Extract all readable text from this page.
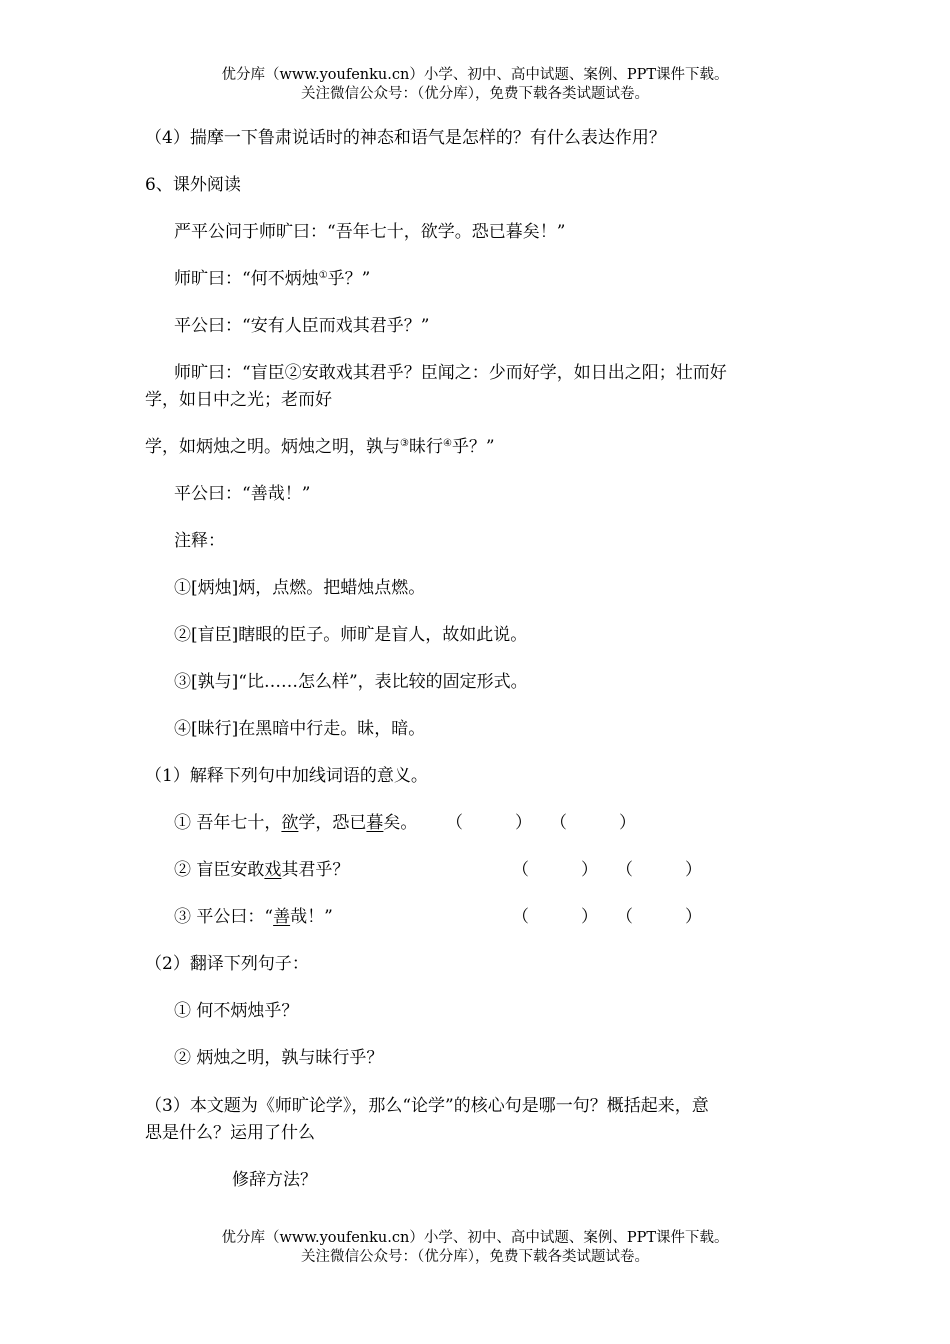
优分库（www.youfenku.cn）小学、初中、高中试题、案例、PPT课件下载。
关注微信公众号：（优分库），免费下载各类试题试卷。
（4）揣摩一下鲁肃说话时的神态和语气是怎样的？有什么表达作用？
6、课外阅读
严平公问于师旷曰：“吾年七十，欲学。恐已暮矣！”
师旷曰：“何不炳烛①乎？”
平公曰：“安有人臣而戏其君乎？”
师旷曰：“盲臣②安敢戏其君乎？臣闻之：少而好学，如日出之阳；壮而好
学，如日中之光；老而好
学，如炳烛之明。炳烛之明，孰与③昧行④乎？”
平公曰：“善哉！”
注释：
①[炳烛]炳，点燃。把蜡烛点燃。
②[盲臣]瞎眼的臣子。师旷是盲人，故如此说。
③[孰与]“比……怎么样”，表比较的固定形式。
④[昧行]在黑暗中行走。昧，暗。
（1）解释下列句中加线词语的意义。
① 吾年七十，欲学，恐已暮矣。 （	） （	）
② 盲臣安敢戏其君乎？	（	） （	）
③ 平公曰：“善哉！”	（	） （	）
（2）翻译下列句子：
① 何不炳烛乎？
② 炳烛之明，孰与昧行乎？
（3）本文题为《师旷论学》，那么“论学”的核心句是哪一句？概括起来，意
思是什么？运用了什么
修辞方法？
优分库（www.youfenku.cn）小学、初中、高中试题、案例、PPT课件下载。
关注微信公众号：（优分库），免费下载各类试题试卷。
